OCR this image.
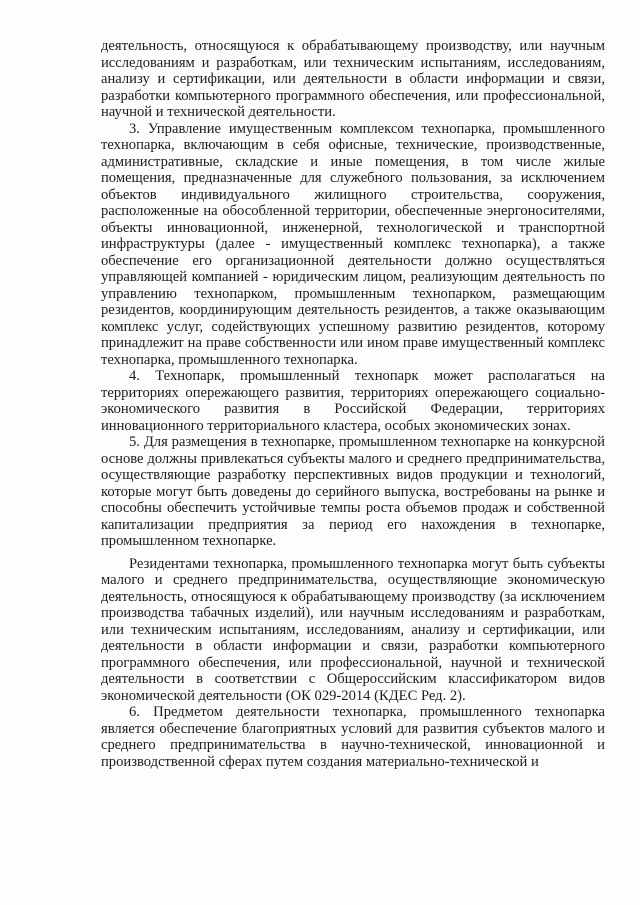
деятельность, относящуюся к обрабатывающему производству, или научным исследованиям и разработкам, или техническим испытаниям, исследованиям, анализу и сертификации, или деятельности в области информации и связи, разработки компьютерного программного обеспечения, или профессиональной, научной и технической деятельности.

3. Управление имущественным комплексом технопарка, промышленного технопарка, включающим в себя офисные, технические, производственные, административные, складские и иные помещения, в том числе жилые помещения, предназначенные для служебного пользования, за исключением объектов индивидуального жилищного строительства, сооружения, расположенные на обособленной территории, обеспеченные энергоносителями, объекты инновационной, инженерной, технологической и транспортной инфраструктуры (далее - имущественный комплекс технопарка), а также обеспечение его организационной деятельности должно осуществляться управляющей компанией - юридическим лицом, реализующим деятельность по управлению технопарком, промышленным технопарком, размещающим резидентов, координирующим деятельность резидентов, а также оказывающим комплекс услуг, содействующих успешному развитию резидентов, которому принадлежит на праве собственности или ином праве имущественный комплекс технопарка, промышленного технопарка.

4. Технопарк, промышленный технопарк может располагаться на территориях опережающего развития, территориях опережающего социально-экономического развития в Российской Федерации, территориях инновационного территориального кластера, особых экономических зонах.

5. Для размещения в технопарке, промышленном технопарке на конкурсной основе должны привлекаться субъекты малого и среднего предпринимательства, осуществляющие разработку перспективных видов продукции и технологий, которые могут быть доведены до серийного выпуска, востребованы на рынке и способны обеспечить устойчивые темпы роста объемов продаж и собственной капитализации предприятия за период его нахождения в технопарке, промышленном технопарке.

Резидентами технопарка, промышленного технопарка могут быть субъекты малого и среднего предпринимательства, осуществляющие экономическую деятельность, относящуюся к обрабатывающему производству (за исключением производства табачных изделий), или научным исследованиям и разработкам, или техническим испытаниям, исследованиям, анализу и сертификации, или деятельности в области информации и связи, разработки компьютерного программного обеспечения, или профессиональной, научной и технической деятельности в соответствии с Общероссийским классификатором видов экономической деятельности (ОК 029-2014 (КДЕС Ред. 2).

6. Предметом деятельности технопарка, промышленного технопарка является обеспечение благоприятных условий для развития субъектов малого и среднего предпринимательства в научно-технической, инновационной и производственной сферах путем создания материально-технической и
